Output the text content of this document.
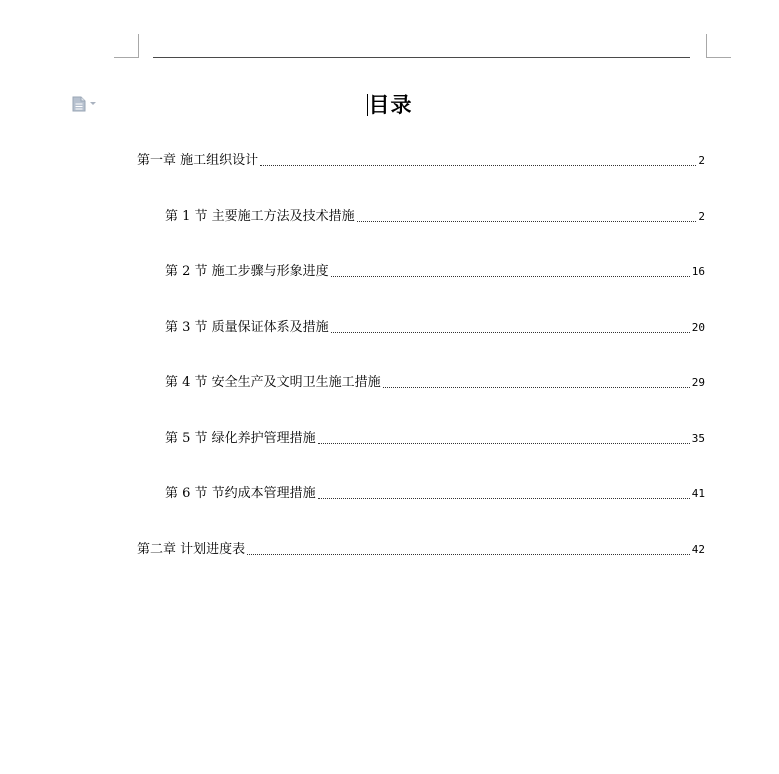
目录
第一章 施工组织设计	2
第 1 节 主要施工方法及技术措施	2
第 2 节 施工步骤与形象进度	16
第 3 节 质量保证体系及措施	20
第 4 节 安全生产及文明卫生施工措施	29
第 5 节 绿化养护管理措施	35
第 6 节 节约成本管理措施	41
第二章 计划进度表	42
